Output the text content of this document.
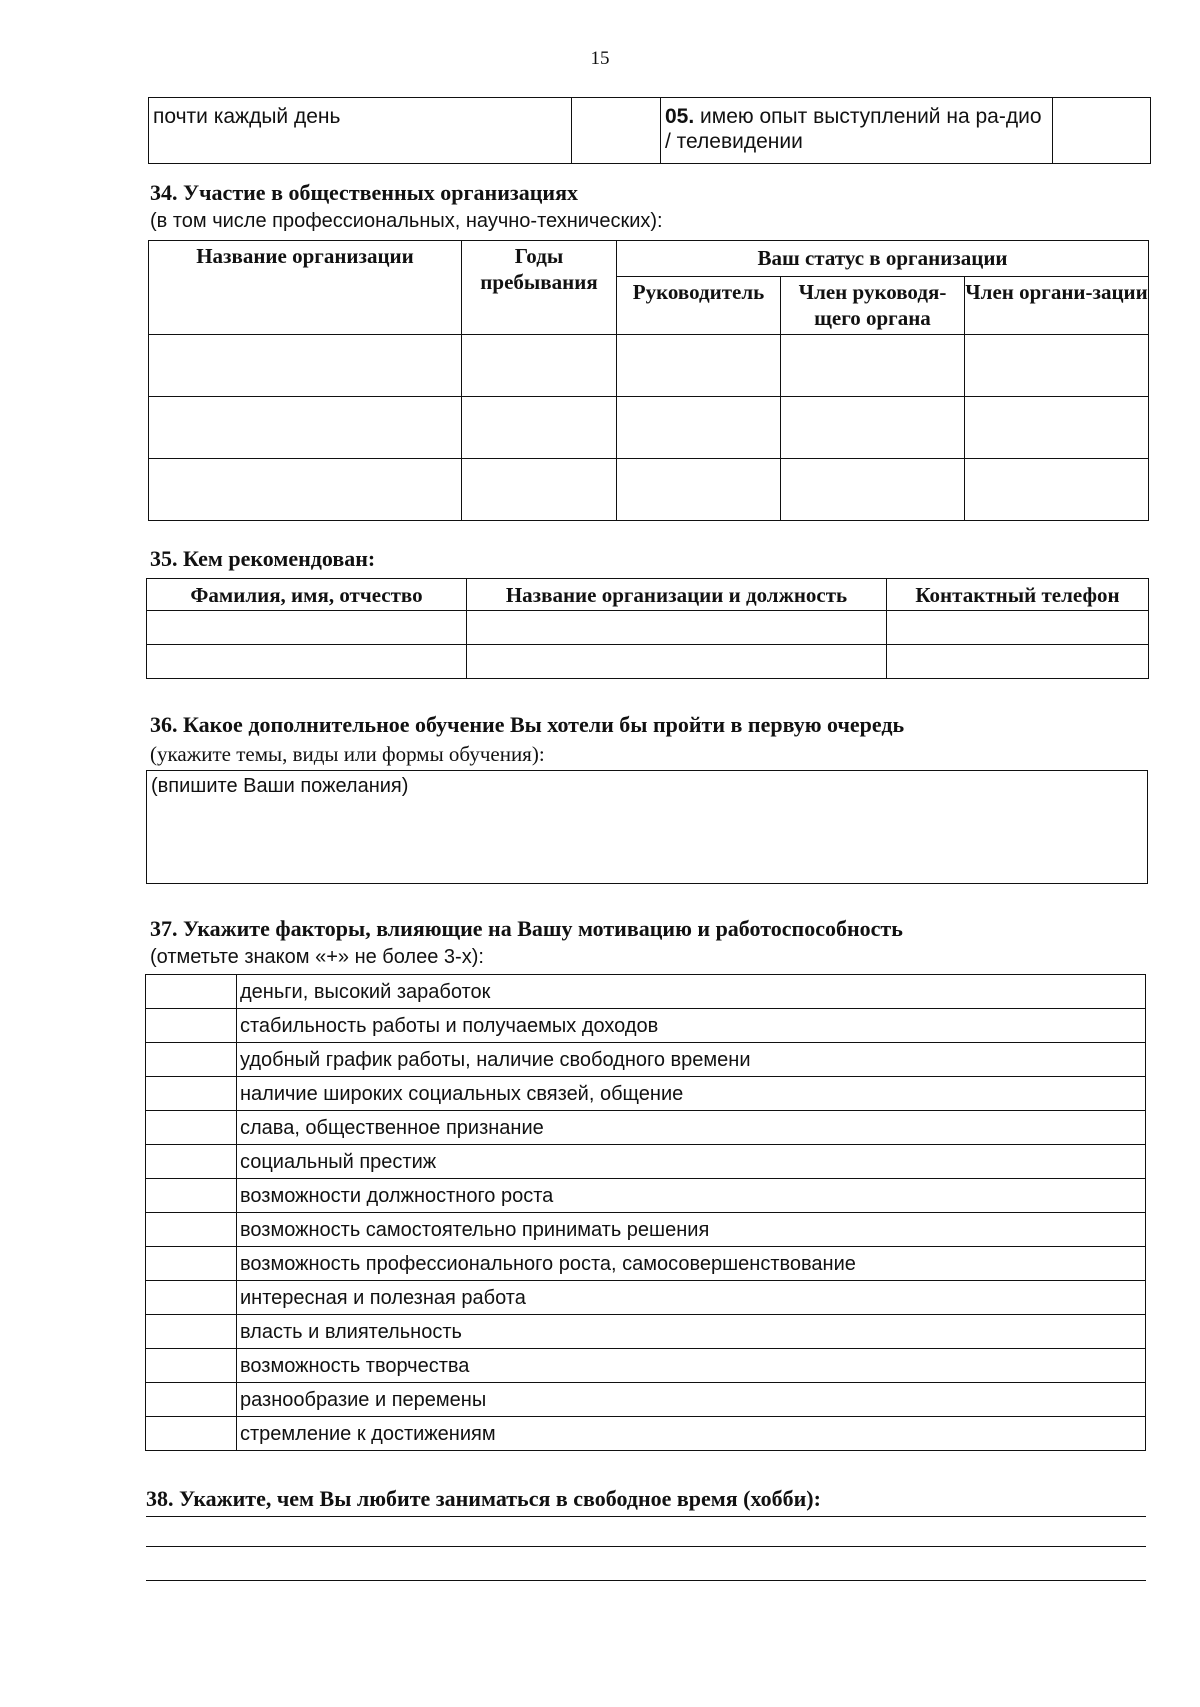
15
почти каждый день		05. имею опыт выступлений на ра-дио / телевидении	
34. Участие в общественных организациях
(в том числе профессиональных, научно-технических):
Название организации	Годы пребывания	Ваш статус в организации		
		Руководитель	Член руководя-щего органа	Член органи-зации

35. Кем рекомендован:
Фамилия, имя, отчество	Название организации и должность	Контактный телефон

36. Какое дополнительное обучение Вы хотели бы пройти в первую очередь
(укажите темы, виды или формы обучения):
(впишите Ваши пожелания)
37. Укажите факторы, влияющие на Вашу мотивацию и работоспособность
(отметьте знаком «+» не более 3-х):
	деньги, высокий заработок
	стабильность работы и получаемых доходов
	удобный график работы, наличие свободного времени
	наличие широких социальных связей, общение
	слава, общественное признание
	социальный престиж
	возможности должностного роста
	возможность самостоятельно принимать решения
	возможность профессионального роста, самосовершенствование
	интересная и полезная работа
	власть и влиятельность
	возможность творчества
	разнообразие и перемены
	стремление к достижениям
38. Укажите, чем Вы любите заниматься в свободное время (хобби):
